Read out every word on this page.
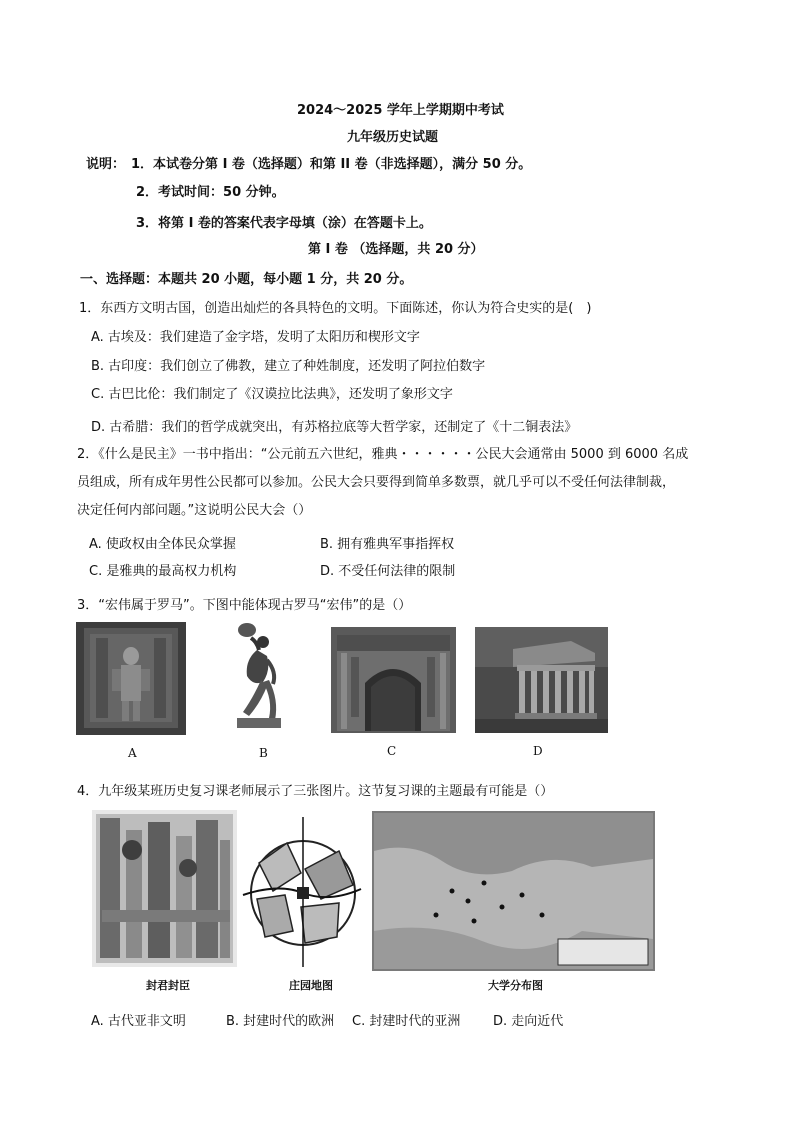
2024～2025 学年上学期期中考试
九年级历史试题
说明： 1．本试卷分第 I 卷（选择题）和第 II 卷（非选择题），满分 50 分。
2．考试时间：50 分钟。
3．将第 I 卷的答案代表字母填（涂）在答题卡上。
第 I 卷 （选择题，共 20 分）
一、选择题：本题共 20 小题，每小题 1 分，共 20 分。
1．东西方文明古国，创造出灿烂的各具特色的文明。下面陈述，你认为符合史实的是(　)
A. 古埃及：我们建造了金字塔，发明了太阳历和楔形文字
B. 古印度：我们创立了佛教，建立了种姓制度，还发明了阿拉伯数字
C. 古巴比伦：我们制定了《汉谟拉比法典》，还发明了象形文字
D. 古希腊：我们的哲学成就突出，有苏格拉底等大哲学家，还制定了《十二铜表法》
2．《什么是民主》一书中指出：“公元前五六世纪，雅典・・・・・・公民大会通常由 5000 到 6000 名成
员组成，所有成年男性公民都可以参加。公民大会只要得到简单多数票，就几乎可以不受任何法律制裁，
决定任何内部问题。”这说明公民大会（）
A. 使政权由全体民众掌握	B. 拥有雅典军事指挥权
C. 是雅典的最高权力机构	D. 不受任何法律的限制
3．“宏伟属于罗马”。下图中能体现古罗马“宏伟”的是（）
A	B	C	D
4．九年级某班历史复习课老师展示了三张图片。这节复习课的主题最有可能是（）
封君封臣	庄园地图	大学分布图
A. 古代亚非文明	B. 封建时代的欧洲 C. 封建时代的亚洲	D. 走向近代
